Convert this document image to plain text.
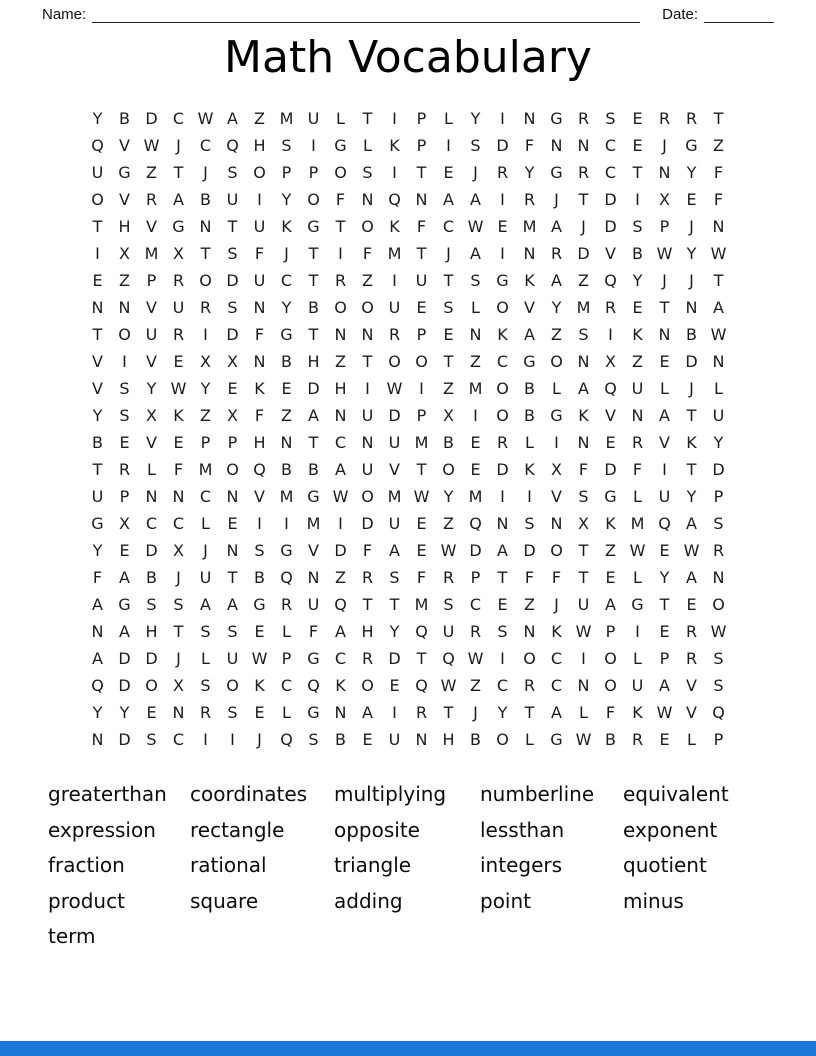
Name:	Date:
Math Vocabulary
Y	B D C W A	Z M U	L	T	I	P	L	Y	I	N G R	S	E	R R	T
Q V W	J	C Q H S	I	G	L	K	P	I	S D	F	N N C	E	J	G Z
U G Z	T	J	S O P	P O S	I	T	E	J	R	Y G R C	T	N	Y	F
O V R A	B U	I	Y O	F	N Q N A	A	I	R	J	T D	I	X	E	F
T	H V G N	T	U K G T O K	F	C W E M A	J	D S	P	J	N
I	X M X	T	S	F	J	T	I	F M T	J	A	I	N R D V	B W Y W
E	Z	P	R O D U C	T	R Z	I	U	T	S G K	A	Z Q Y	J	J	T
N N V U R	S N	Y	B O O U	E	S	L	O V	Y M R	E	T	N A
T O U R	I	D	F	G T	N N R	P	E N K	A	Z	S	I	K N B W
V	I	V	E	X	X N B H Z	T O O T	Z C G O N X	Z	E D N
V	S	Y W Y	E	K	E D H	I	W	I	Z M O B	L	A Q U	L	J	L
Y	S	X	K	Z	X	F	Z	A N U D	P	X	I	O B G K	V N A	T	U
B	E	V	E	P	P	H N	T	C N U M B	E	R	L	I	N E	R V	K	Y
T	R	L	F M O Q B	B	A U V	T O E D K	X	F	D	F	I	T D
U	P	N N C N V M G W O M W Y M	I	I	V	S G	L	U	Y	P
G X C C	L	E	I	I	M	I	D U	E	Z Q N S N X	K M Q A	S
Y	E D X	J	N S G V D	F	A	E W D A D O T	Z W E W R
F	A	B	J	U	T	B Q N Z R	S	F	R	P	T	F	F	T	E	L	Y	A N
A G S	S	A	A G R U Q T	T M S	C	E	Z	J	U A G T	E O
N A H	T	S	S	E	L	F	A H	Y Q U R	S N K W P	I	E	R W
A D D	J	L	U W P G C R D T Q W	I	O C	I	O	L	P	R	S
Q D O X	S O K	C Q K O E Q W Z C R C N O U A	V	S
Y	Y	E N R	S	E	L	G N A	I	R	T	J	Y	T	A	L	F	K W V Q
N D S	C	I	I	J	Q S	B	E	U N H B O	L	G W B R	E	L	P
greaterthan
expression
fraction
product
term
coordinates
rectangle
rational
square
multiplying
opposite
triangle
adding
numberline
lessthan
integers
point
equivalent
exponent
quotient
minus
